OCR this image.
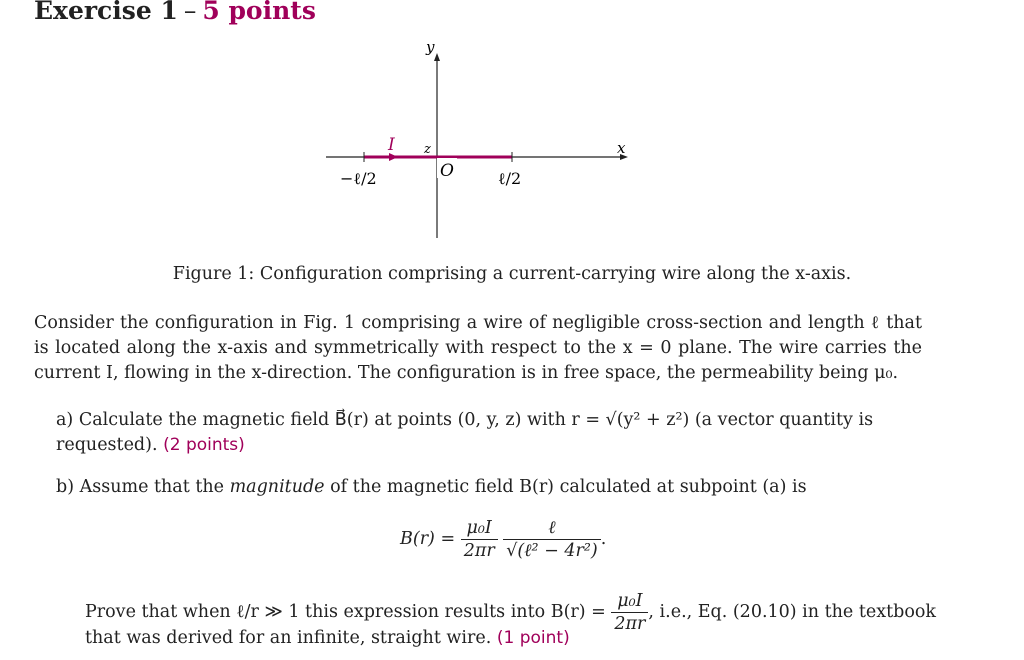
Exercise 1 – 5 points
y
x
z
I
O
−ℓ/2	ℓ/2
Figure 1: Configuration comprising a current-carrying wire along the x-axis.
Consider the configuration in Fig. 1 comprising a wire of negligible cross-section and length ℓ that is located along the x-axis and symmetrically with respect to the x = 0 plane. The wire carries the current I, flowing in the x-direction. The configuration is in free space, the permeability being μ₀.
a) Calculate the magnetic field B⃗(r) at points (0, y, z) with r = √(y² + z²) (a vector quantity is requested). (2 points)
b) Assume that the magnitude of the magnetic field B(r) calculated at subpoint (a) is
$B(r) = \frac{\text{μ₀I}}{2\pi r}$
$\frac{\text{ℓ}}{\text{√(ℓ² − 4r²)}}$ .
Prove that when ℓ/r ≫ 1 this expression results into $B(r) = \frac{\text{μ₀I}}{2\pi r}$ , i.e., Eq. (20.10) in the textbook
that was derived for an infinite, straight wire. (1 point)
